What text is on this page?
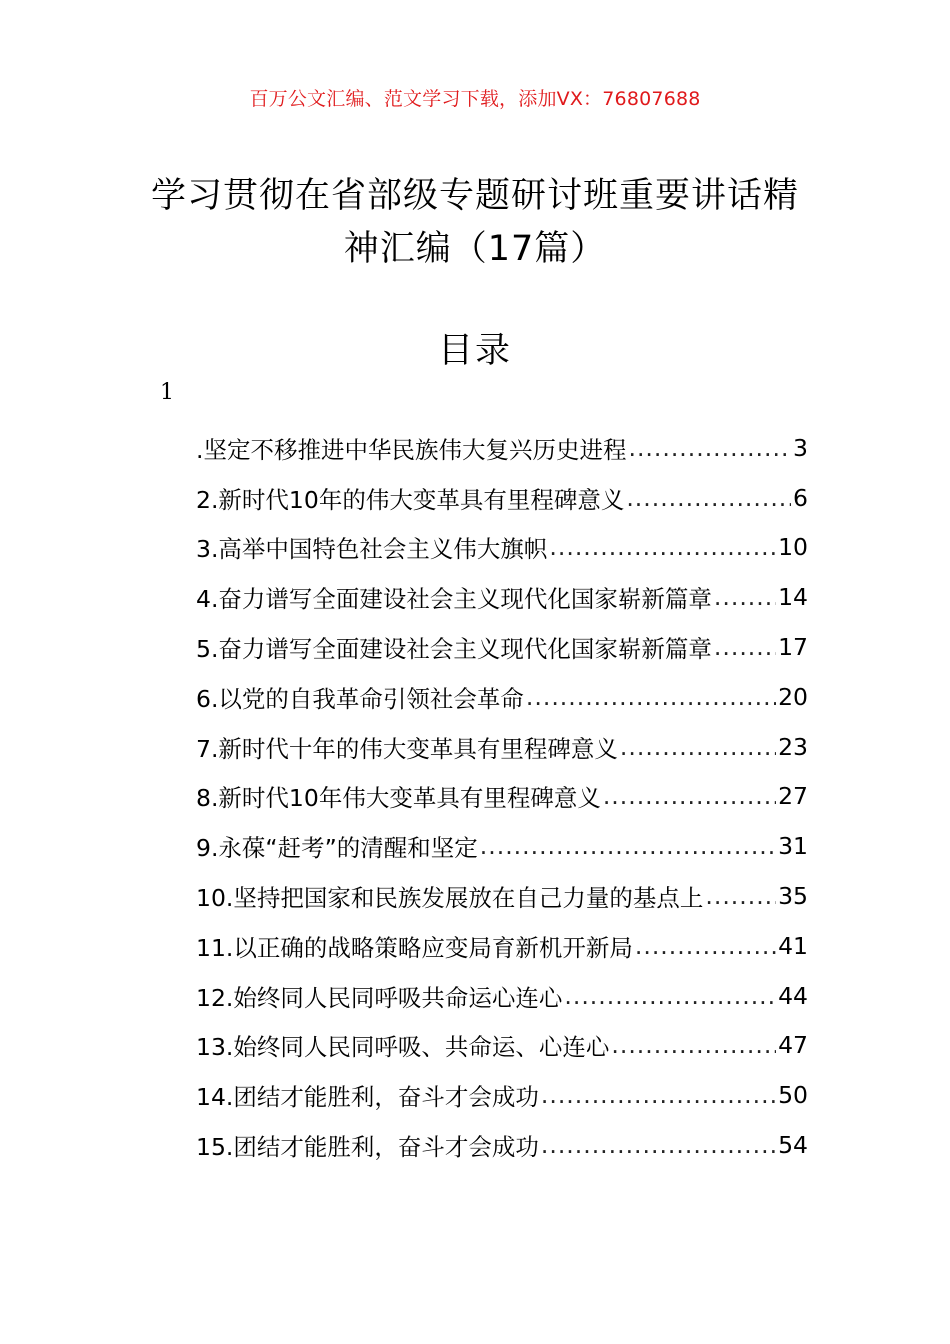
百万公文汇编、范文学习下载，添加VX：76807688
学习贯彻在省部级专题研讨班重要讲话精
神汇编（17篇）
目录
1
.坚定不移推进中华民族伟大复兴历史进程 .....	3
2.新时代10年的伟大变革具有里程碑意义 .....	6
3.高举中国特色社会主义伟大旗帜 .....	10
4.奋力谱写全面建设社会主义现代化国家崭新篇章 .....	14
5.奋力谱写全面建设社会主义现代化国家崭新篇章 .....	17
6.以党的自我革命引领社会革命 .....	20
7.新时代十年的伟大变革具有里程碑意义 .....	23
8.新时代10年伟大变革具有里程碑意义 .....	27
9.永葆“赶考”的清醒和坚定 .....	31
10.坚持把国家和民族发展放在自己力量的基点上 .....	35
11.以正确的战略策略应变局育新机开新局 .....	41
12.始终同人民同呼吸共命运心连心 .....	44
13.始终同人民同呼吸、共命运、心连心 .....	47
14.团结才能胜利，奋斗才会成功 .....	50
15.团结才能胜利，奋斗才会成功 .....	54
